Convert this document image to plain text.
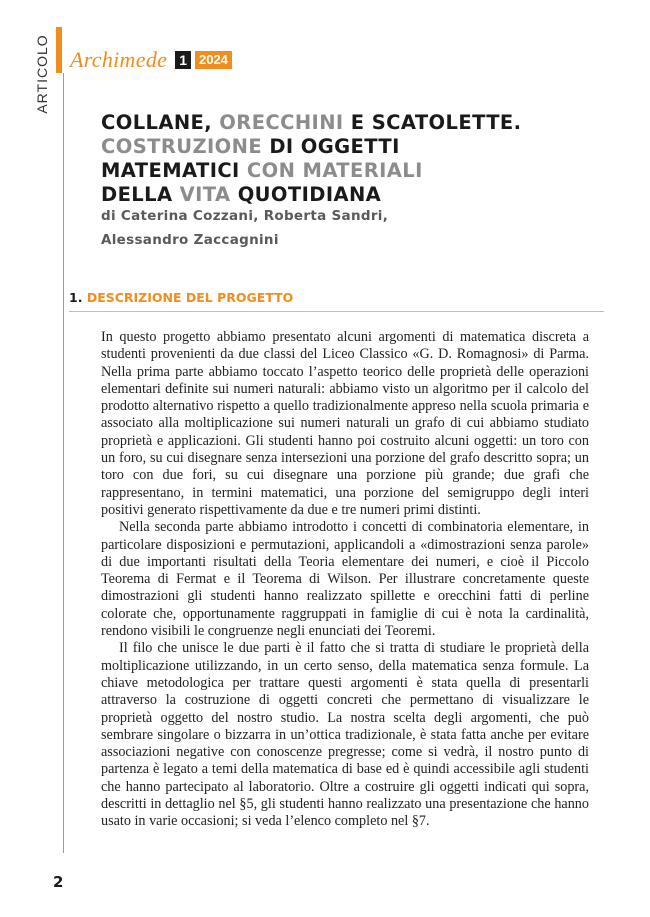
ARTICOLO Archimede 1 2024
COLLANE, ORECCHINI E SCATOLETTE.
COSTRUZIONE DI OGGETTI
MATEMATICI CON MATERIALI
DELLA VITA QUOTIDIANA
di Caterina Cozzani, Roberta Sandri,
Alessandro Zaccagnini
1. DESCRIZIONE DEL PROGETTO

In questo progetto abbiamo presentato alcuni argomenti di matematica discreta a studenti provenienti da due classi del Liceo Classico «G. D. Romagnosi» di Parma. Nella prima parte abbiamo toccato l’aspetto teorico delle proprietà delle operazioni elementari definite sui numeri naturali: abbiamo visto un algoritmo per il calcolo del prodotto alternativo rispetto a quello tradizionalmente appreso nella scuola primaria e associato alla moltiplicazione sui numeri naturali un grafo di cui abbiamo studiato proprietà e applicazioni. Gli studenti hanno poi costruito alcuni oggetti: un toro con un foro, su cui disegnare senza intersezioni una porzione del grafo descritto sopra; un toro con due fori, su cui disegnare una porzione più grande; due grafi che rappresentano, in termini matematici, una porzione del semigruppo degli interi positivi generato rispettivamente da due e tre numeri primi distinti.

Nella seconda parte abbiamo introdotto i concetti di combinatoria elementare, in particolare disposizioni e permutazioni, applicandoli a «dimostrazioni senza parole» di due importanti risultati della Teoria elementare dei numeri, e cioè il Piccolo Teorema di Fermat e il Teorema di Wilson. Per illustrare concretamente queste dimostrazioni gli studenti hanno realizzato spillette e orecchini fatti di perline colorate che, opportunamente raggruppati in famiglie di cui è nota la cardinalità, rendono visibili le congruenze negli enunciati dei Teoremi.

Il filo che unisce le due parti è il fatto che si tratta di studiare le proprietà della moltiplicazione utilizzando, in un certo senso, della matematica senza formule. La chiave metodologica per trattare questi argomenti è stata quella di presentarli attraverso la costruzione di oggetti concreti che permettano di visualizzare le proprietà oggetto del nostro studio. La nostra scelta degli argomenti, che può sembrare singolare o bizzarra in un’ottica tradizionale, è stata fatta anche per evitare associazioni negative con conoscenze pregresse; come si vedrà, il nostro punto di partenza è legato a temi della matematica di base ed è quindi accessibile agli studenti che hanno partecipato al laboratorio. Oltre a costruire gli oggetti indicati qui sopra, descritti in dettaglio nel §5, gli studenti hanno realizzato una presentazione che hanno usato in varie occasioni; si veda l’elenco completo nel §7.

2
